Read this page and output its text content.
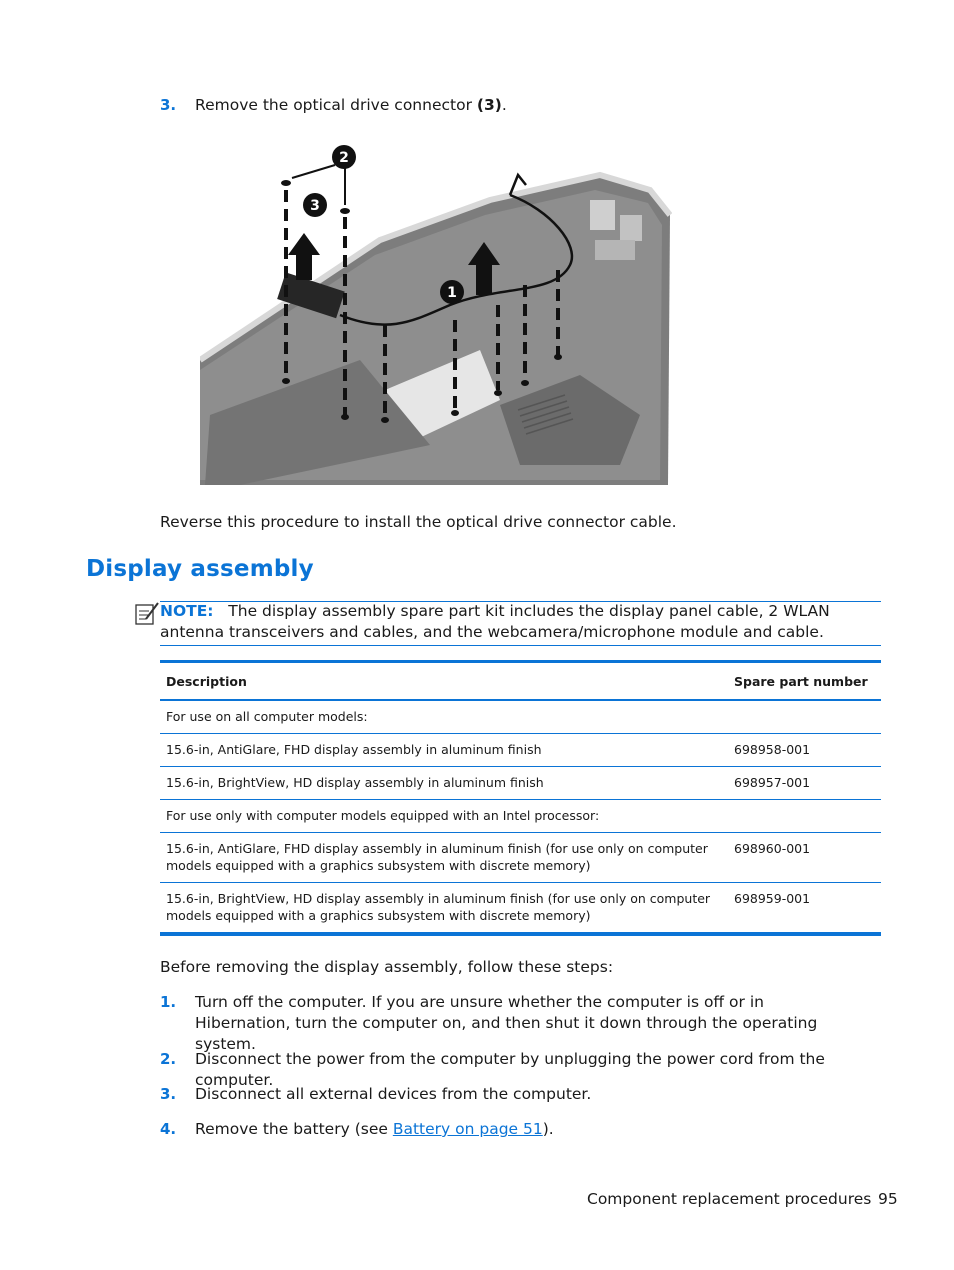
3. Remove the optical drive connector (3).
2
3
1
Reverse this procedure to install the optical drive connector cable.
Display assembly
NOTE: The display assembly spare part kit includes the display panel cable, 2 WLAN antenna transceivers and cables, and the webcamera/microphone module and cable.
Description	Spare part number
For use on all computer models:	
15.6-in, AntiGlare, FHD display assembly in aluminum finish	698958-001
15.6-in, BrightView, HD display assembly in aluminum finish	698957-001
For use only with computer models equipped with an Intel processor:	
15.6-in, AntiGlare, FHD display assembly in aluminum finish (for use only on computer models equipped with a graphics subsystem with discrete memory)	698960-001
15.6-in, BrightView, HD display assembly in aluminum finish (for use only on computer models equipped with a graphics subsystem with discrete memory)	698959-001
Before removing the display assembly, follow these steps:
1. Turn off the computer. If you are unsure whether the computer is off or in Hibernation, turn the computer on, and then shut it down through the operating system.
2. Disconnect the power from the computer by unplugging the power cord from the computer.
3. Disconnect all external devices from the computer.
4. Remove the battery (see Battery on page 51).
Component replacement procedures 95
